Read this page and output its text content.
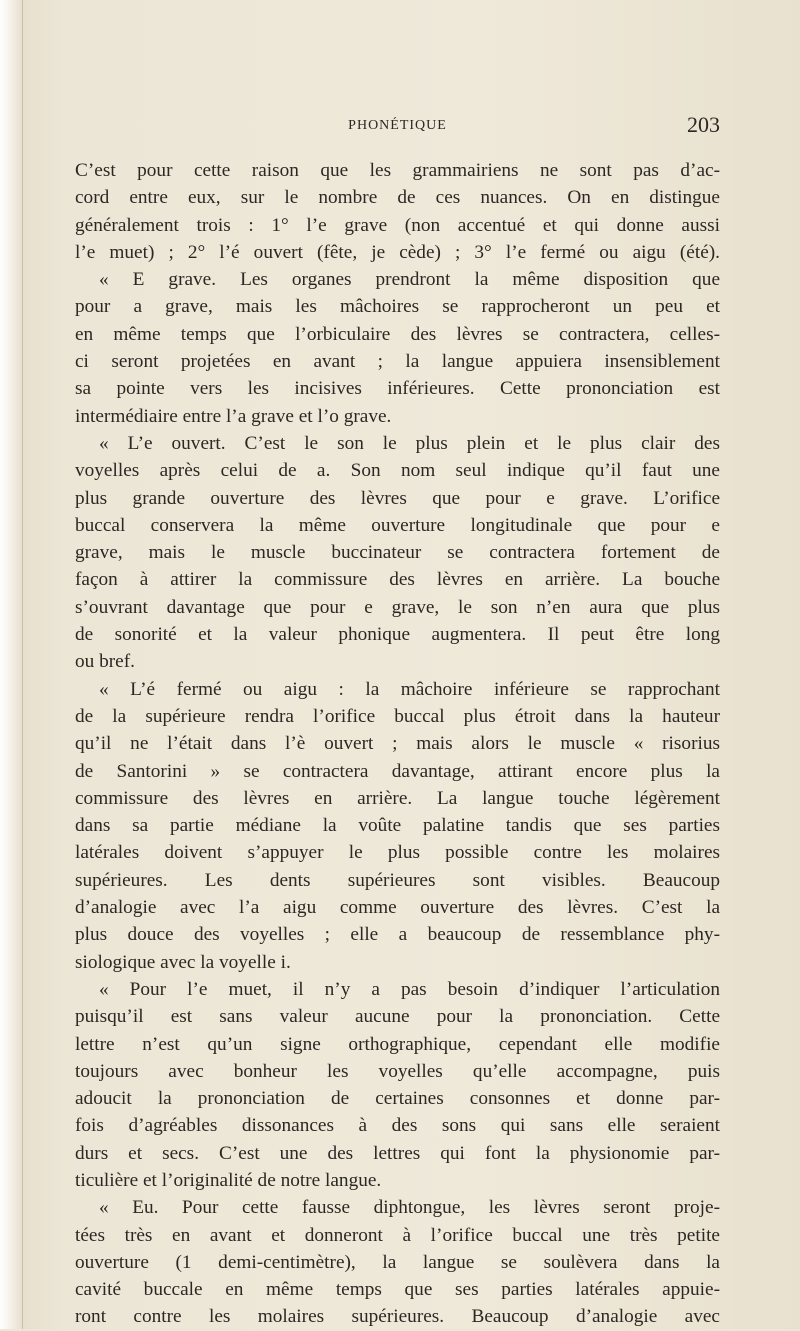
PHONÉTIQUE	203
C’est pour cette raison que les grammairiens ne sont pas d’ac-
cord entre eux, sur le nombre de ces nuances. On en distingue
généralement trois : 1° l’e grave (non accentué et qui donne aussi
l’e muet) ; 2° l’é ouvert (fête, je cède) ; 3° l’e fermé ou aigu (été).
« E grave. Les organes prendront la même disposition que
pour a grave, mais les mâchoires se rapprocheront un peu et
en même temps que l’orbiculaire des lèvres se contractera, celles-
ci seront projetées en avant ; la langue appuiera insensiblement
sa pointe vers les incisives inférieures. Cette prononciation est
intermédiaire entre l’a grave et l’o grave.
« L’e ouvert. C’est le son le plus plein et le plus clair des
voyelles après celui de a. Son nom seul indique qu’il faut une
plus grande ouverture des lèvres que pour e grave. L’orifice
buccal conservera la même ouverture longitudinale que pour e
grave, mais le muscle buccinateur se contractera fortement de
façon à attirer la commissure des lèvres en arrière. La bouche
s’ouvrant davantage que pour e grave, le son n’en aura que plus
de sonorité et la valeur phonique augmentera. Il peut être long
ou bref.
« L’é fermé ou aigu : la mâchoire inférieure se rapprochant
de la supérieure rendra l’orifice buccal plus étroit dans la hauteur
qu’il ne l’était dans l’è ouvert ; mais alors le muscle « risorius
de Santorini » se contractera davantage, attirant encore plus la
commissure des lèvres en arrière. La langue touche légèrement
dans sa partie médiane la voûte palatine tandis que ses parties
latérales doivent s’appuyer le plus possible contre les molaires
supérieures. Les dents supérieures sont visibles. Beaucoup
d’analogie avec l’a aigu comme ouverture des lèvres. C’est la
plus douce des voyelles ; elle a beaucoup de ressemblance phy-
siologique avec la voyelle i.
« Pour l’e muet, il n’y a pas besoin d’indiquer l’articulation
puisqu’il est sans valeur aucune pour la prononciation. Cette
lettre n’est qu’un signe orthographique, cependant elle modifie
toujours avec bonheur les voyelles qu’elle accompagne, puis
adoucit la prononciation de certaines consonnes et donne par-
fois d’agréables dissonances à des sons qui sans elle seraient
durs et secs. C’est une des lettres qui font la physionomie par-
ticulière et l’originalité de notre langue.
« Eu. Pour cette fausse diphtongue, les lèvres seront proje-
tées très en avant et donneront à l’orifice buccal une très petite
ouverture (1 demi-centimètre), la langue se soulèvera dans la
cavité buccale en même temps que ses parties latérales appuie-
ront contre les molaires supérieures. Beaucoup d’analogie avec
